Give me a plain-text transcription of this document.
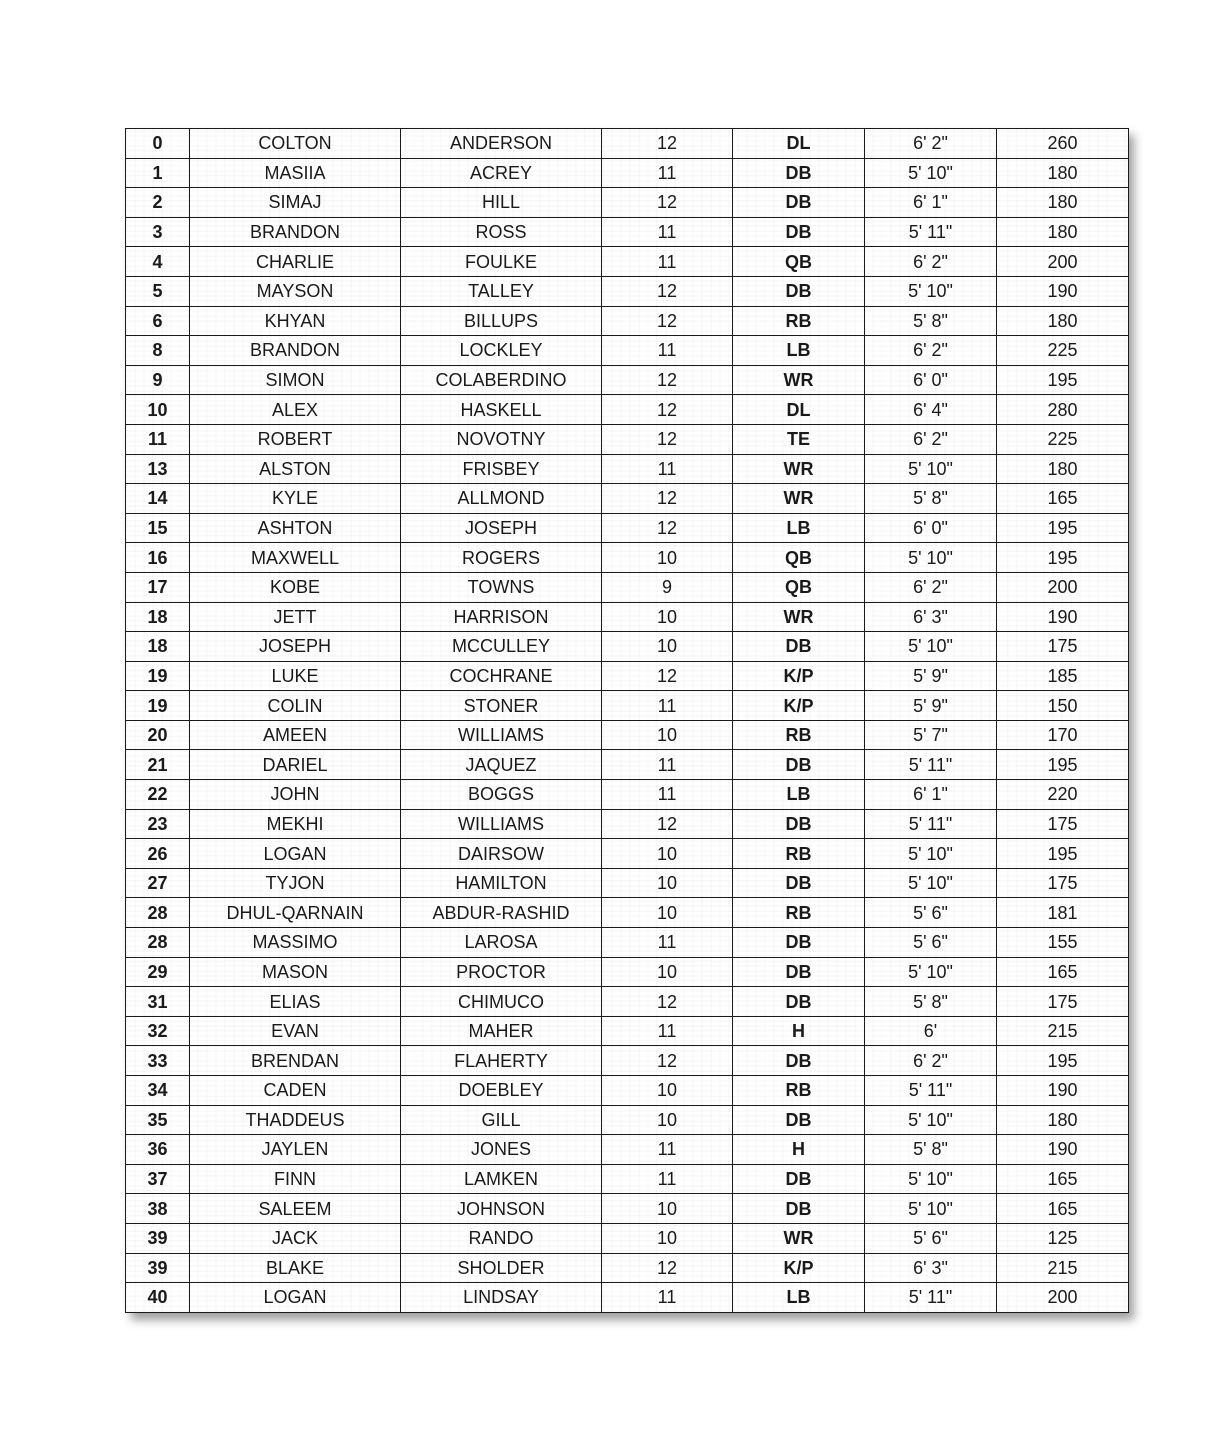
0	COLTON	ANDERSON	12	DL	6' 2"	260
1	MASIIA	ACREY	11	DB	5' 10"	180
2	SIMAJ	HILL	12	DB	6' 1"	180
3	BRANDON	ROSS	11	DB	5' 11"	180
4	CHARLIE	FOULKE	11	QB	6' 2"	200
5	MAYSON	TALLEY	12	DB	5' 10"	190
6	KHYAN	BILLUPS	12	RB	5' 8"	180
8	BRANDON	LOCKLEY	11	LB	6' 2"	225
9	SIMON	COLABERDINO	12	WR	6' 0"	195
10	ALEX	HASKELL	12	DL	6' 4"	280
11	ROBERT	NOVOTNY	12	TE	6' 2"	225
13	ALSTON	FRISBEY	11	WR	5' 10"	180
14	KYLE	ALLMOND	12	WR	5' 8"	165
15	ASHTON	JOSEPH	12	LB	6' 0"	195
16	MAXWELL	ROGERS	10	QB	5' 10"	195
17	KOBE	TOWNS	9	QB	6' 2"	200
18	JETT	HARRISON	10	WR	6' 3"	190
18	JOSEPH	MCCULLEY	10	DB	5' 10"	175
19	LUKE	COCHRANE	12	K/P	5' 9"	185
19	COLIN	STONER	11	K/P	5' 9"	150
20	AMEEN	WILLIAMS	10	RB	5' 7"	170
21	DARIEL	JAQUEZ	11	DB	5' 11"	195
22	JOHN	BOGGS	11	LB	6' 1"	220
23	MEKHI	WILLIAMS	12	DB	5' 11"	175
26	LOGAN	DAIRSOW	10	RB	5' 10"	195
27	TYJON	HAMILTON	10	DB	5' 10"	175
28	DHUL-QARNAIN	ABDUR-RASHID	10	RB	5' 6"	181
28	MASSIMO	LAROSA	11	DB	5' 6"	155
29	MASON	PROCTOR	10	DB	5' 10"	165
31	ELIAS	CHIMUCO	12	DB	5' 8"	175
32	EVAN	MAHER	11	H	6'	215
33	BRENDAN	FLAHERTY	12	DB	6' 2"	195
34	CADEN	DOEBLEY	10	RB	5' 11"	190
35	THADDEUS	GILL	10	DB	5' 10"	180
36	JAYLEN	JONES	11	H	5' 8"	190
37	FINN	LAMKEN	11	DB	5' 10"	165
38	SALEEM	JOHNSON	10	DB	5' 10"	165
39	JACK	RANDO	10	WR	5' 6"	125
39	BLAKE	SHOLDER	12	K/P	6' 3"	215
40	LOGAN	LINDSAY	11	LB	5' 11"	200
